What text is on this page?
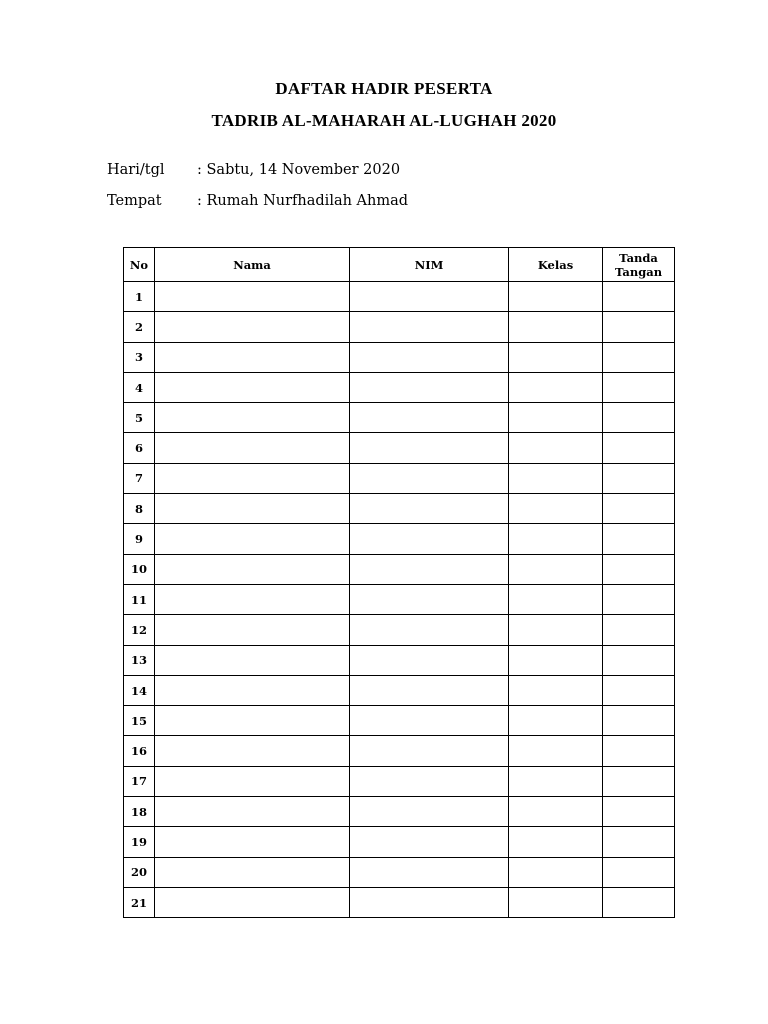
DAFTAR HADIR PESERTA
TADRIB AL-MAHARAH AL-LUGHAH 2020
Hari/tgl : Sabtu, 14 November 2020
Tempat : Rumah Nurfhadilah Ahmad
No	Nama	NIM	Kelas	Tanda
Tangan

1				
2				
3				
4				
5				
6				
7				
8				
9				
10				
11				
12				
13				
14				
15				
16				
17				
18				
19				
20				
21				
